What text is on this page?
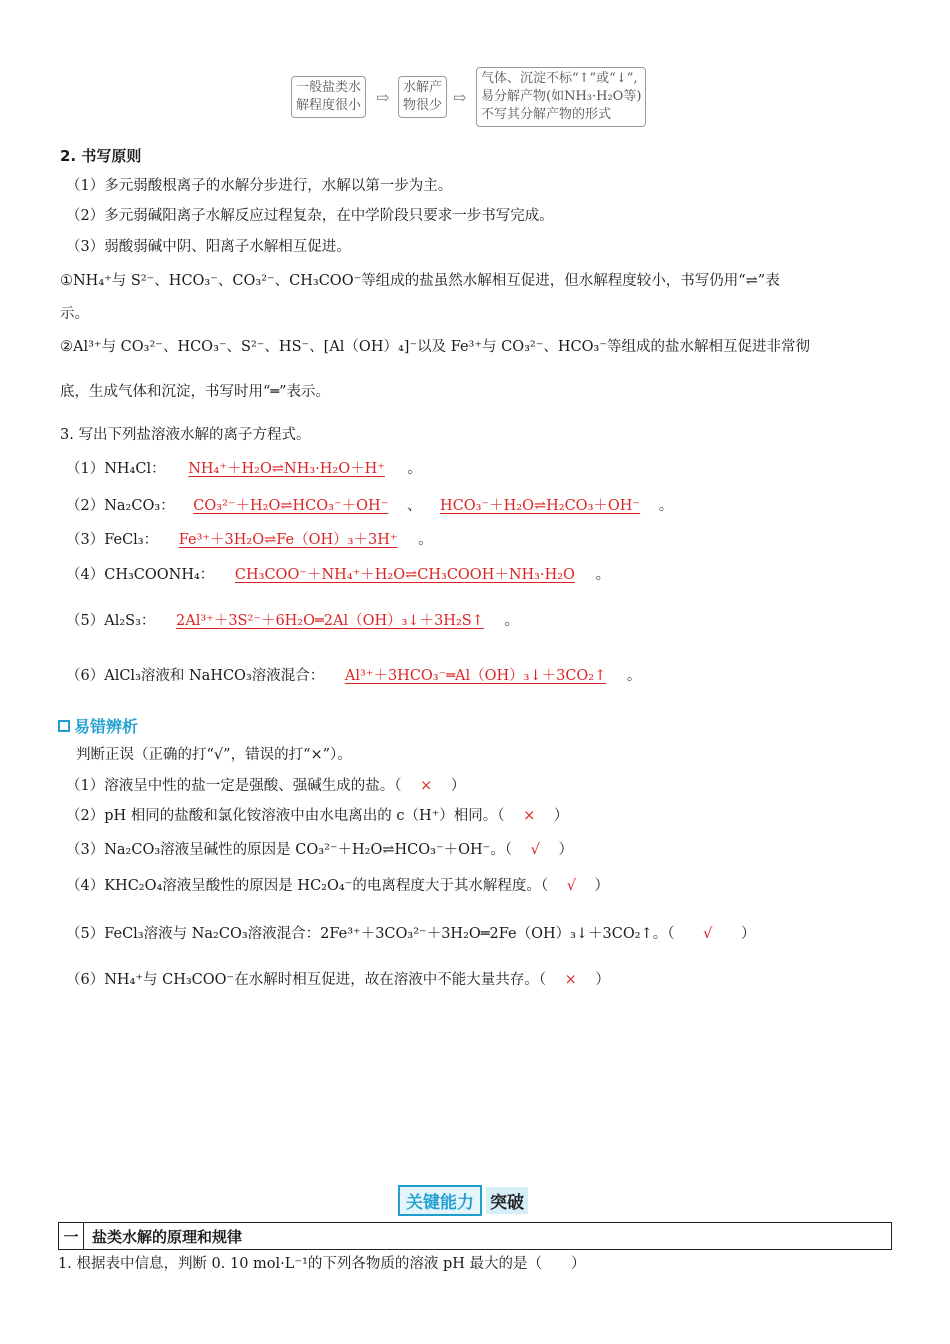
一般盐类水
解程度很小 ⇨
水解产
物很少 ⇨
气体、沉淀不标“↑”或“↓”,
易分解产物(如NH₃·H₂O等)
不写其分解产物的形式
2. 书写原则
（1）多元弱酸根离子的水解分步进行，水解以第一步为主。
（2）多元弱碱阳离子水解反应过程复杂，在中学阶段只要求一步书写完成。
（3）弱酸弱碱中阴、阳离子水解相互促进。
①NH₄⁺与 S²⁻、HCO₃⁻、CO₃²⁻、CH₃COO⁻等组成的盐虽然水解相互促进，但水解程度较小，书写仍用“⇌”表
示。
②Al³⁺与 CO₃²⁻、HCO₃⁻、S²⁻、HS⁻、[Al（OH）₄]⁻以及 Fe³⁺与 CO₃²⁻、HCO₃⁻等组成的盐水解相互促进非常彻
底，生成气体和沉淀，书写时用“═”表示。
3. 写出下列盐溶液水解的离子方程式。
（1）NH₄Cl： NH₄⁺＋H₂O⇌NH₃·H₂O＋H⁺ 。
（2）Na₂CO₃： CO₃²⁻＋H₂O⇌HCO₃⁻＋OH⁻ 、 HCO₃⁻＋H₂O⇌H₂CO₃＋OH⁻ 。
（3）FeCl₃： Fe³⁺＋3H₂O⇌Fe（OH）₃＋3H⁺ 。
（4）CH₃COONH₄： CH₃COO⁻＋NH₄⁺＋H₂O⇌CH₃COOH＋NH₃·H₂O 。
（5）Al₂S₃： 2Al³⁺＋3S²⁻＋6H₂O═2Al（OH）₃↓＋3H₂S↑ 。
（6）AlCl₃溶液和 NaHCO₃溶液混合： Al³⁺＋3HCO₃⁻═Al（OH）₃↓＋3CO₂↑ 。
易错辨析
判断正误（正确的打“√”，错误的打“×”）。
（1）溶液呈中性的盐一定是强酸、强碱生成的盐。（ × ）
（2）pH 相同的盐酸和氯化铵溶液中由水电离出的 c（H⁺）相同。（ × ）
（3）Na₂CO₃溶液呈碱性的原因是 CO₃²⁻＋H₂O⇌HCO₃⁻＋OH⁻。（ √ ）
（4）KHC₂O₄溶液呈酸性的原因是 HC₂O₄⁻的电离程度大于其水解程度。（ √ ）
（5）FeCl₃溶液与 Na₂CO₃溶液混合：2Fe³⁺＋3CO₃²⁻＋3H₂O═2Fe（OH）₃↓＋3CO₂↑。（ √ ）
（6）NH₄⁺与 CH₃COO⁻在水解时相互促进，故在溶液中不能大量共存。（ × ）
关键能力 突破
一 盐类水解的原理和规律
1. 根据表中信息，判断 0. 10 mol·L⁻¹的下列各物质的溶液 pH 最大的是（　　）
